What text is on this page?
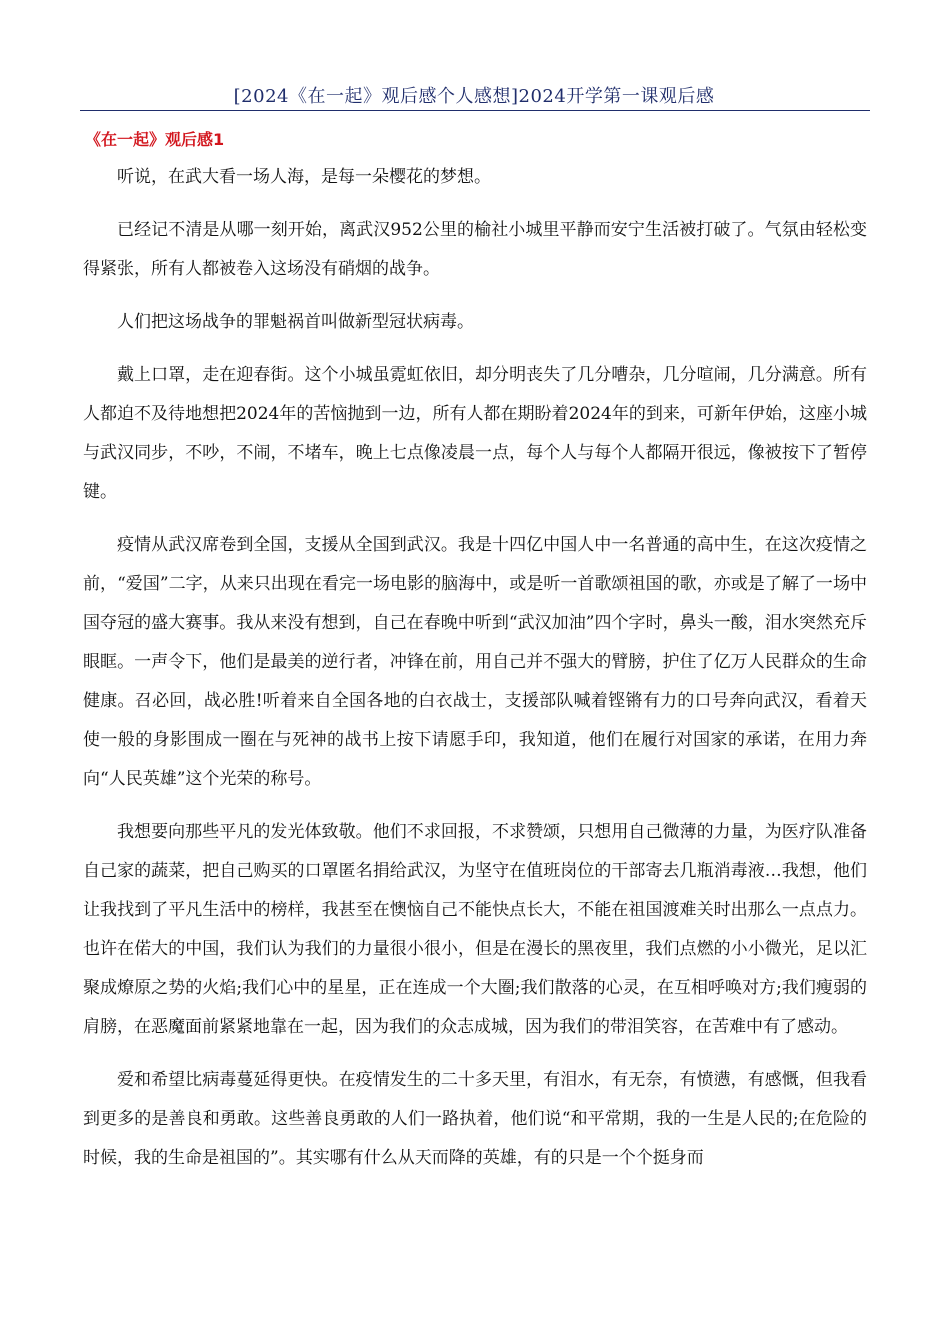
[2024《在一起》观后感个人感想]2024开学第一课观后感
《在一起》观后感1

听说，在武大看一场人海，是每一朵樱花的梦想。

已经记不清是从哪一刻开始，离武汉952公里的榆社小城里平静而安宁生活被打破了。气氛由轻松变得紧张，所有人都被卷入这场没有硝烟的战争。

人们把这场战争的罪魁祸首叫做新型冠状病毒。

戴上口罩，走在迎春街。这个小城虽霓虹依旧，却分明丧失了几分嘈杂，几分喧闹，几分满意。所有人都迫不及待地想把2024年的苦恼抛到一边，所有人都在期盼着2024年的到来，可新年伊始，这座小城与武汉同步，不吵，不闹，不堵车，晚上七点像凌晨一点，每个人与每个人都隔开很远，像被按下了暂停键。

疫情从武汉席卷到全国，支援从全国到武汉。我是十四亿中国人中一名普通的高中生，在这次疫情之前，“爱国”二字，从来只出现在看完一场电影的脑海中，或是听一首歌颂祖国的歌，亦或是了解了一场中国夺冠的盛大赛事。我从来没有想到，自己在春晚中听到“武汉加油”四个字时，鼻头一酸，泪水突然充斥眼眶。一声令下，他们是最美的逆行者，冲锋在前，用自己并不强大的臂膀，护住了亿万人民群众的生命健康。召必回，战必胜!听着来自全国各地的白衣战士，支援部队喊着铿锵有力的口号奔向武汉，看着天使一般的身影围成一圈在与死神的战书上按下请愿手印，我知道，他们在履行对国家的承诺，在用力奔向“人民英雄”这个光荣的称号。

我想要向那些平凡的发光体致敬。他们不求回报，不求赞颂，只想用自己微薄的力量，为医疗队准备自己家的蔬菜，把自己购买的口罩匿名捐给武汉，为坚守在值班岗位的干部寄去几瓶消毒液…我想，他们让我找到了平凡生活中的榜样，我甚至在懊恼自己不能快点长大，不能在祖国渡难关时出那么一点点力。也许在偌大的中国，我们认为我们的力量很小很小，但是在漫长的黑夜里，我们点燃的小小微光，足以汇聚成燎原之势的火焰;我们心中的星星，正在连成一个大圈;我们散落的心灵，在互相呼唤对方;我们瘦弱的肩膀，在恶魔面前紧紧地靠在一起，因为我们的众志成城，因为我们的带泪笑容，在苦难中有了感动。

爱和希望比病毒蔓延得更快。在疫情发生的二十多天里，有泪水，有无奈，有愤懑，有感慨，但我看到更多的是善良和勇敢。这些善良勇敢的人们一路执着，他们说“和平常期，我的一生是人民的;在危险的时候，我的生命是祖国的”。其实哪有什么从天而降的英雄，有的只是一个个挺身而
